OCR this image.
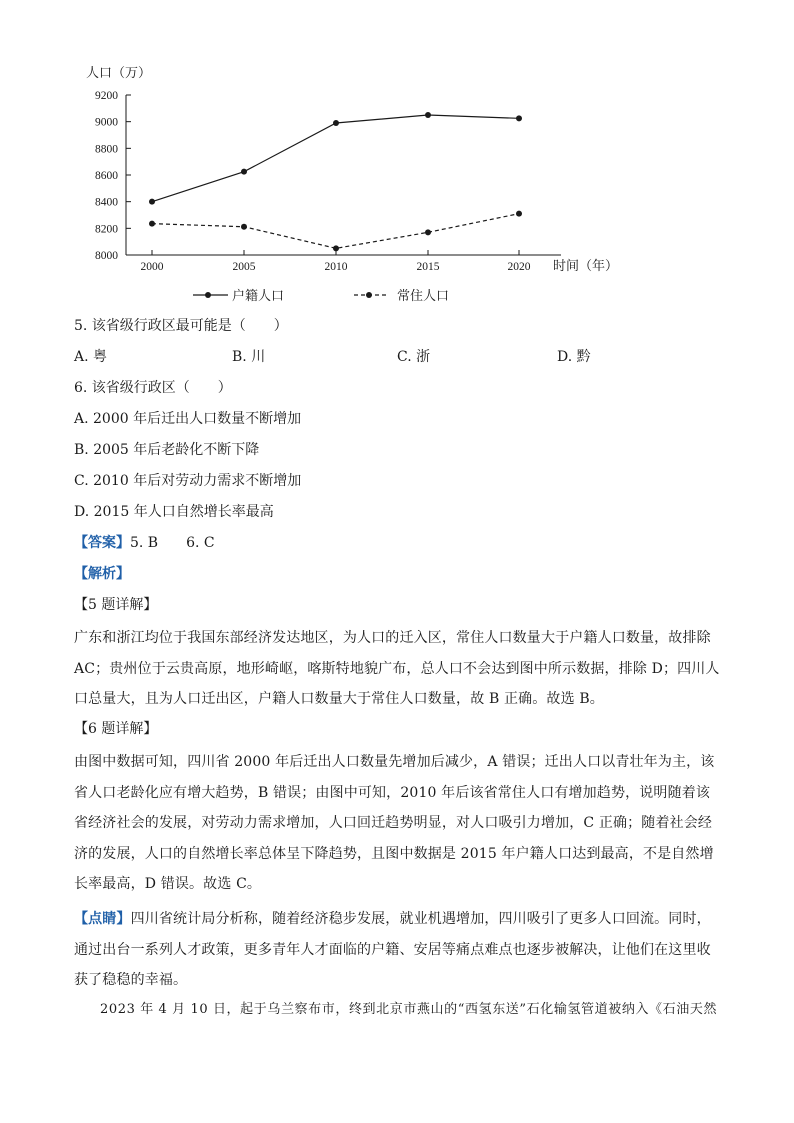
人口（万）
8000
8200
8400
8600
8800
9000
9200
2000	2005	2010	2015	2020 时间（年）
户籍人口	常住人口
5. 该省级行政区最可能是（　　）
A. 粤	B. 川	C. 浙	D. 黔
6. 该省级行政区（　　）
A. 2000 年后迁出人口数量不断增加
B. 2005 年后老龄化不断下降
C. 2010 年后对劳动力需求不断增加
D. 2015 年人口自然增长率最高
【答案】5. B　　6. C
【解析】
【5 题详解】
广东和浙江均位于我国东部经济发达地区，为人口的迁入区，常住人口数量大于户籍人口数量，故排除 AC；贵州位于云贵高原，地形崎岖，喀斯特地貌广布，总人口不会达到图中所示数据，排除 D；四川人口总量大，且为人口迁出区，户籍人口数量大于常住人口数量，故 B 正确。故选 B。
【6 题详解】
由图中数据可知，四川省 2000 年后迁出人口数量先增加后减少，A 错误；迁出人口以青壮年为主，该省人口老龄化应有增大趋势，B 错误；由图中可知，2010 年后该省常住人口有增加趋势，说明随着该省经济社会的发展，对劳动力需求增加，人口回迁趋势明显，对人口吸引力增加，C 正确；随着社会经济的发展，人口的自然增长率总体呈下降趋势，且图中数据是 2015 年户籍人口达到最高，不是自然增长率最高，D 错误。故选 C。
【点睛】四川省统计局分析称，随着经济稳步发展，就业机遇增加，四川吸引了更多人口回流。同时，通过出台一系列人才政策，更多青年人才面临的户籍、安居等痛点难点也逐步被解决，让他们在这里收获了稳稳的幸福。
2023 年 4 月 10 日，起于乌兰察布市，终到北京市燕山的“西氢东送”石化输氢管道被纳入《石油天然
